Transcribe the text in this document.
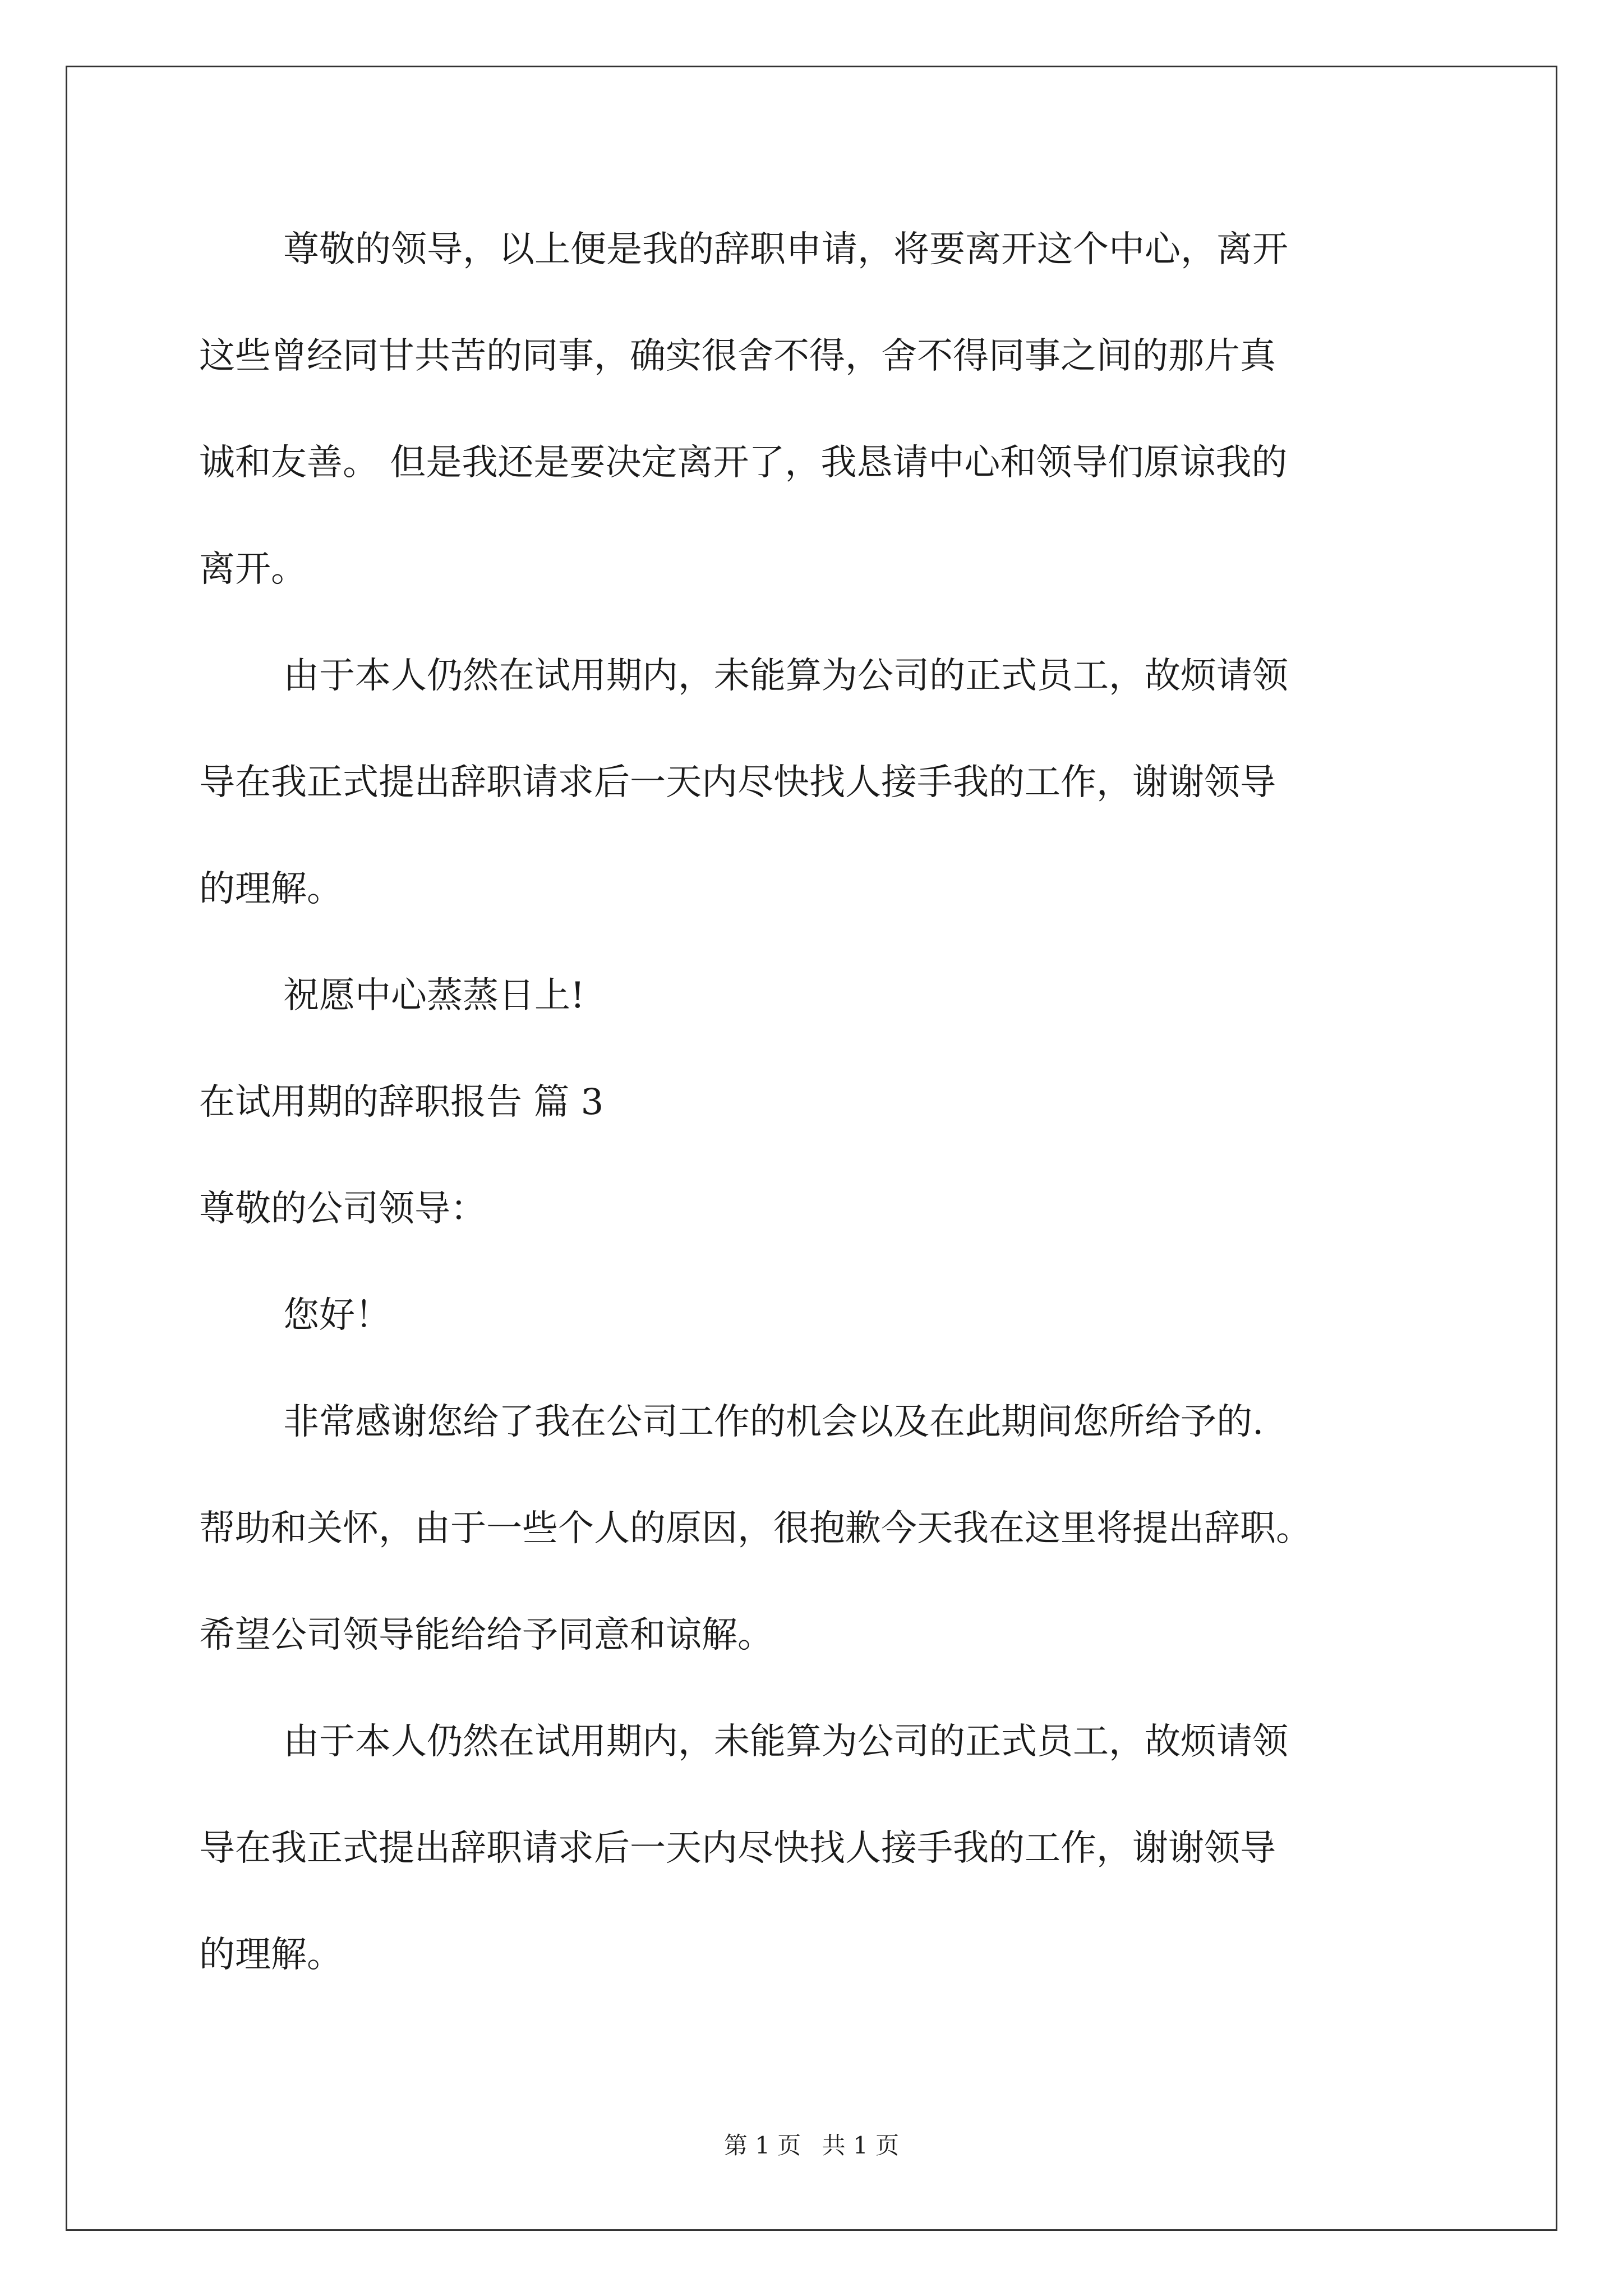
尊敬的领导，以上便是我的辞职申请，将要离开这个中心，离开

这些曾经同甘共苦的同事，确实很舍不得，舍不得同事之间的那片真

诚和友善。 但是我还是要决定离开了，我恳请中心和领导们原谅我的

离开。

由于本人仍然在试用期内，未能算为公司的正式员工，故烦请领

导在我正式提出辞职请求后一天内尽快找人接手我的工作，谢谢领导

的理解。

祝愿中心蒸蒸日上!

在试用期的辞职报告 篇 3

尊敬的公司领导：

您好！

非常感谢您给了我在公司工作的机会以及在此期间您所给予的.

帮助和关怀，由于一些个人的原因，很抱歉今天我在这里将提出辞职。

希望公司领导能给给予同意和谅解。

由于本人仍然在试用期内，未能算为公司的正式员工，故烦请领

导在我正式提出辞职请求后一天内尽快找人接手我的工作，谢谢领导

的理解。

第 1 页 共 1 页
